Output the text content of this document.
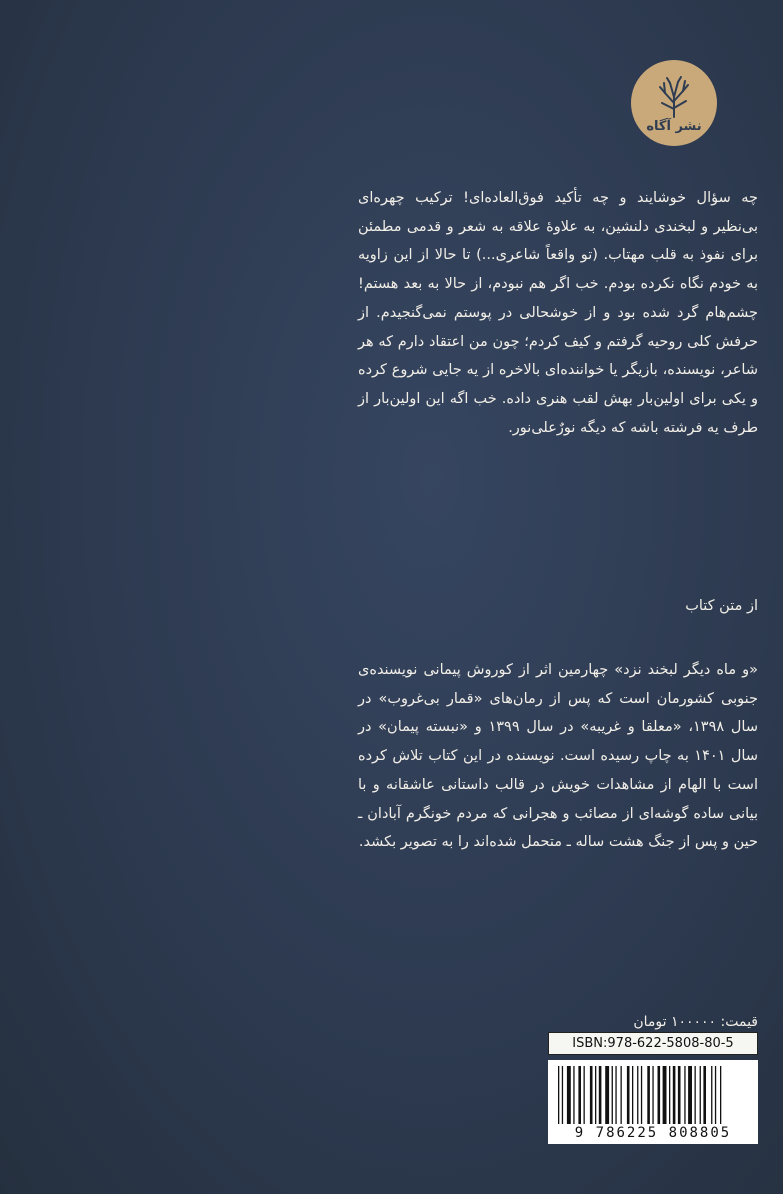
نشر آگاه

چه سؤال خوشایند و چه تأکید فوق‌العاده‌ای! ترکیب چهره‌ای بی‌نظیر و لبخندی دلنشین، به علاوهٔ علاقه به شعر و قدمی مطمئن برای نفوذ به قلب مهتاب. (تو واقعاً شاعری...) تا حالا از این زاویه به خودم نگاه نکرده بودم. خب اگر هم نبودم، از حالا به بعد هستم! چشم‌هام گرد شده بود و از خوشحالی در پوستم نمی‌گنجیدم. از حرفش کلی روحیه گرفتم و کیف کردم؛ چون من اعتقاد دارم که هر شاعر، نویسنده، بازیگر یا خواننده‌ای بالاخره از یه جایی شروع کرده و یکی برای اولین‌بار بهش لقب هنری داده. خب اگه این اولین‌بار از طرف یه فرشته باشه که دیگه نورٌعلی‌نور.

از متن کتاب

«و ماه دیگر لبخند نزد» چهارمین اثر از کوروش پیمانی نویسنده‌ی جنوبی کشورمان است که پس از رمان‌های «قمار بی‌غروب» در سال ۱۳۹۸، «معلقا و غریبه» در سال ۱۳۹۹ و «نبسته پیمان» در سال ۱۴۰۱ به چاپ رسیده است. نویسنده در این کتاب تلاش کرده است با الهام از مشاهدات خویش در قالب داستانی عاشقانه و با بیانی ساده گوشه‌ای از مصائب و هجرانی که مردم خونگرم آبادان ـ حین و پس از جنگ هشت ساله ـ متحمل شده‌اند را به تصویر بکشد.

قیمت: ۱۰۰۰۰۰ تومان
ISBN:978-622-5808-80-5
9 786225 808805
